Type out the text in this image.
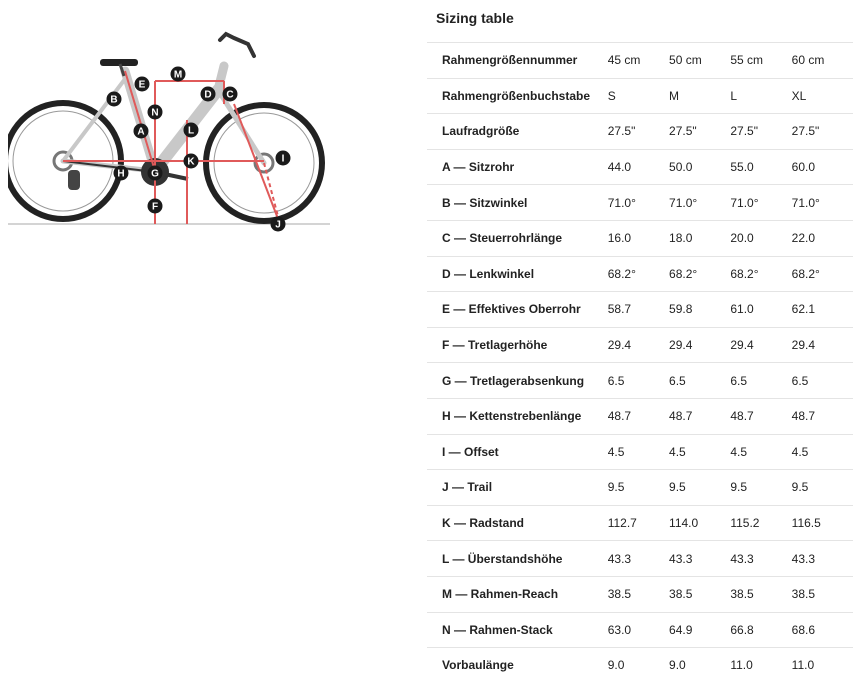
M
E
B
N
D C
A	L
K	I
H	G
F
J
Sizing table
Rahmengrößennummer	45 cm	50 cm	55 cm	60 cm
Rahmengrößenbuchstabe	S	M	L	XL
Laufradgröße	27.5"	27.5"	27.5"	27.5"
A — Sitzrohr	44.0	50.0	55.0	60.0
B — Sitzwinkel	71.0°	71.0°	71.0°	71.0°
C — Steuerrohrlänge	16.0	18.0	20.0	22.0
D — Lenkwinkel	68.2°	68.2°	68.2°	68.2°
E — Effektives Oberrohr	58.7	59.8	61.0	62.1
F — Tretlagerhöhe	29.4	29.4	29.4	29.4
G — Tretlagerabsenkung	6.5	6.5	6.5	6.5
H — Kettenstrebenlänge	48.7	48.7	48.7	48.7
I — Offset	4.5	4.5	4.5	4.5
J — Trail	9.5	9.5	9.5	9.5
K — Radstand	112.7	114.0	115.2	116.5
L — Überstandshöhe	43.3	43.3	43.3	43.3
M — Rahmen-Reach	38.5	38.5	38.5	38.5
N — Rahmen-Stack	63.0	64.9	66.8	68.6
Vorbaulänge	9.0	9.0	11.0	11.0
